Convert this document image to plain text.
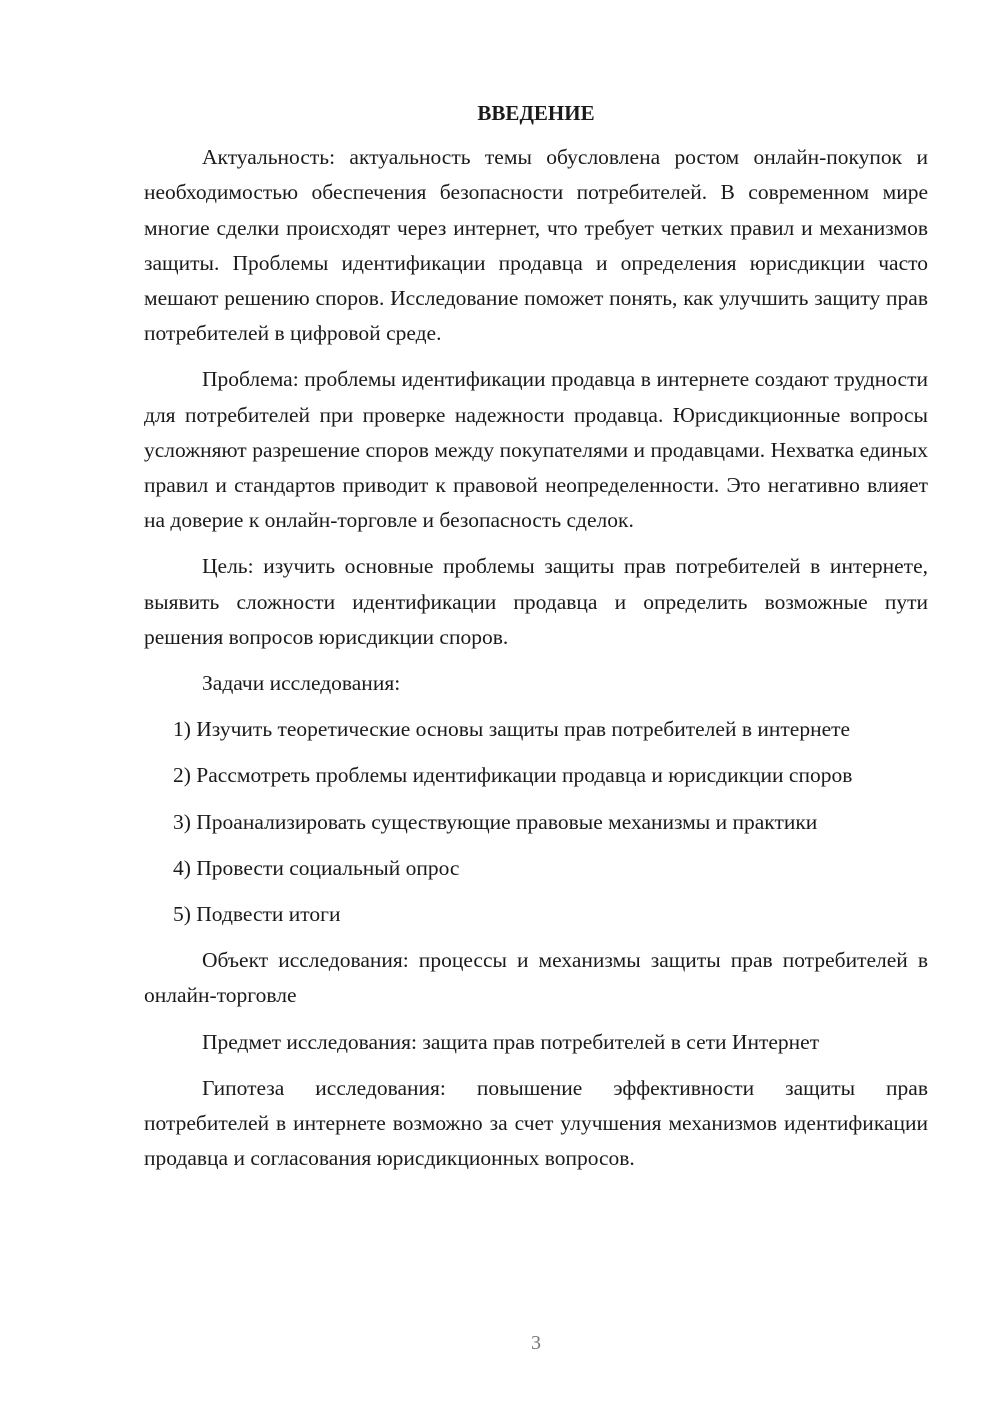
ВВЕДЕНИЕ

Актуальность: актуальность темы обусловлена ростом онлайн-покупок и необходимостью обеспечения безопасности потребителей. В современном мире многие сделки происходят через интернет, что требует четких правил и механизмов защиты. Проблемы идентификации продавца и определения юрисдикции часто мешают решению споров. Исследование поможет понять, как улучшить защиту прав потребителей в цифровой среде.

Проблема: проблемы идентификации продавца в интернете создают трудности для потребителей при проверке надежности продавца. Юрисдикционные вопросы усложняют разрешение споров между покупателями и продавцами. Нехватка единых правил и стандартов приводит к правовой неопределенности. Это негативно влияет на доверие к онлайн-торговле и безопасность сделок.

Цель: изучить основные проблемы защиты прав потребителей в интернете, выявить сложности идентификации продавца и определить возможные пути решения вопросов юрисдикции споров.

Задачи исследования:

1) Изучить теоретические основы защиты прав потребителей в интернете

2) Рассмотреть проблемы идентификации продавца и юрисдикции споров

3) Проанализировать существующие правовые механизмы и практики

4) Провести социальный опрос

5) Подвести итоги

Объект исследования: процессы и механизмы защиты прав потребителей в онлайн-торговле

Предмет исследования: защита прав потребителей в сети Интернет

Гипотеза исследования: повышение эффективности защиты прав потребителей в интернете возможно за счет улучшения механизмов идентификации продавца и согласования юрисдикционных вопросов.

3
